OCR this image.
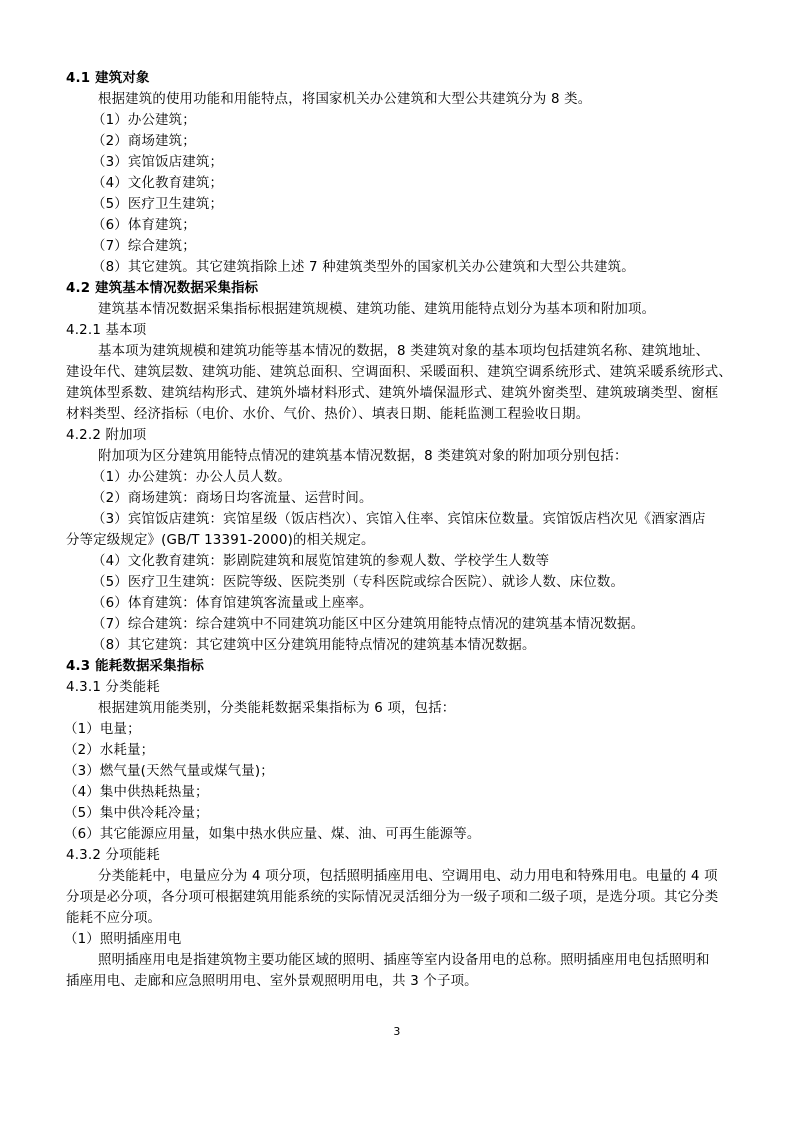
4.1 建筑对象
根据建筑的使用功能和用能特点，将国家机关办公建筑和大型公共建筑分为 8 类。
（1）办公建筑；
（2）商场建筑；
（3）宾馆饭店建筑；
（4）文化教育建筑；
（5）医疗卫生建筑；
（6）体育建筑；
（7）综合建筑；
（8）其它建筑。其它建筑指除上述 7 种建筑类型外的国家机关办公建筑和大型公共建筑。
4.2 建筑基本情况数据采集指标
建筑基本情况数据采集指标根据建筑规模、建筑功能、建筑用能特点划分为基本项和附加项。
4.2.1 基本项
基本项为建筑规模和建筑功能等基本情况的数据，8 类建筑对象的基本项均包括建筑名称、建筑地址、
建设年代、建筑层数、建筑功能、建筑总面积、空调面积、采暖面积、建筑空调系统形式、建筑采暖系统形式、
建筑体型系数、建筑结构形式、建筑外墙材料形式、建筑外墙保温形式、建筑外窗类型、建筑玻璃类型、窗框
材料类型、经济指标（电价、水价、气价、热价）、填表日期、能耗监测工程验收日期。
4.2.2 附加项
附加项为区分建筑用能特点情况的建筑基本情况数据，8 类建筑对象的附加项分别包括：
（1）办公建筑：办公人员人数。
（2）商场建筑：商场日均客流量、运营时间。
（3）宾馆饭店建筑：宾馆星级（饭店档次）、宾馆入住率、宾馆床位数量。宾馆饭店档次见《酒家酒店
分等定级规定》(GB/T 13391-2000)的相关规定。
（4）文化教育建筑：影剧院建筑和展览馆建筑的参观人数、学校学生人数等
（5）医疗卫生建筑：医院等级、医院类别（专科医院或综合医院）、就诊人数、床位数。
（6）体育建筑：体育馆建筑客流量或上座率。
（7）综合建筑：综合建筑中不同建筑功能区中区分建筑用能特点情况的建筑基本情况数据。
（8）其它建筑：其它建筑中区分建筑用能特点情况的建筑基本情况数据。
4.3 能耗数据采集指标
4.3.1 分类能耗
根据建筑用能类别，分类能耗数据采集指标为 6 项，包括：
（1）电量；
（2）水耗量；
（3）燃气量(天然气量或煤气量)；
（4）集中供热耗热量；
（5）集中供冷耗冷量；
（6）其它能源应用量，如集中热水供应量、煤、油、可再生能源等。
4.3.2 分项能耗
分类能耗中，电量应分为 4 项分项，包括照明插座用电、空调用电、动力用电和特殊用电。电量的 4 项
分项是必分项，各分项可根据建筑用能系统的实际情况灵活细分为一级子项和二级子项，是选分项。其它分类
能耗不应分项。
（1）照明插座用电
照明插座用电是指建筑物主要功能区域的照明、插座等室内设备用电的总称。照明插座用电包括照明和
插座用电、走廊和应急照明用电、室外景观照明用电，共 3 个子项。
3
